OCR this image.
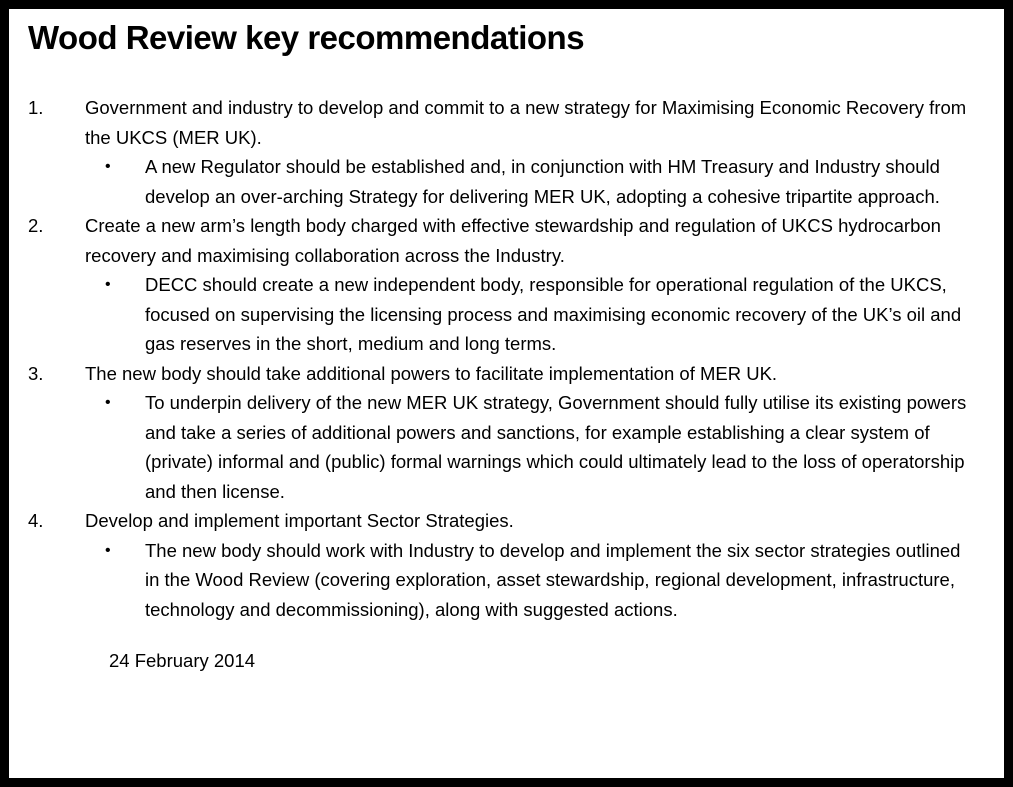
Wood Review key recommendations
1.	Government and industry to develop and commit to a new strategy for Maximising Economic Recovery from the UKCS (MER UK).
•	A new Regulator should be established and, in conjunction with HM Treasury and Industry should develop an over-arching Strategy for delivering MER UK, adopting a cohesive tripartite approach.
2.	Create a new arm’s length body charged with effective stewardship and regulation of UKCS hydrocarbon recovery and maximising collaboration across the Industry.
•	DECC should create a new independent body, responsible for operational regulation of the UKCS, focused on supervising the licensing process and maximising economic recovery of the UK’s oil and gas reserves in the short, medium and long terms.
3.	The new body should take additional powers to facilitate implementation of MER UK.
•	To underpin delivery of the new MER UK strategy, Government should fully utilise its existing powers and take a series of additional powers and sanctions, for example establishing a clear system of (private) informal and (public) formal warnings which could ultimately lead to the loss of operatorship and then license.
4.	Develop and implement important Sector Strategies.
•	The new body should work with Industry to develop and implement the six sector strategies outlined in the Wood Review (covering exploration, asset stewardship, regional development, infrastructure, technology and decommissioning), along with suggested actions.
24 February 2014
